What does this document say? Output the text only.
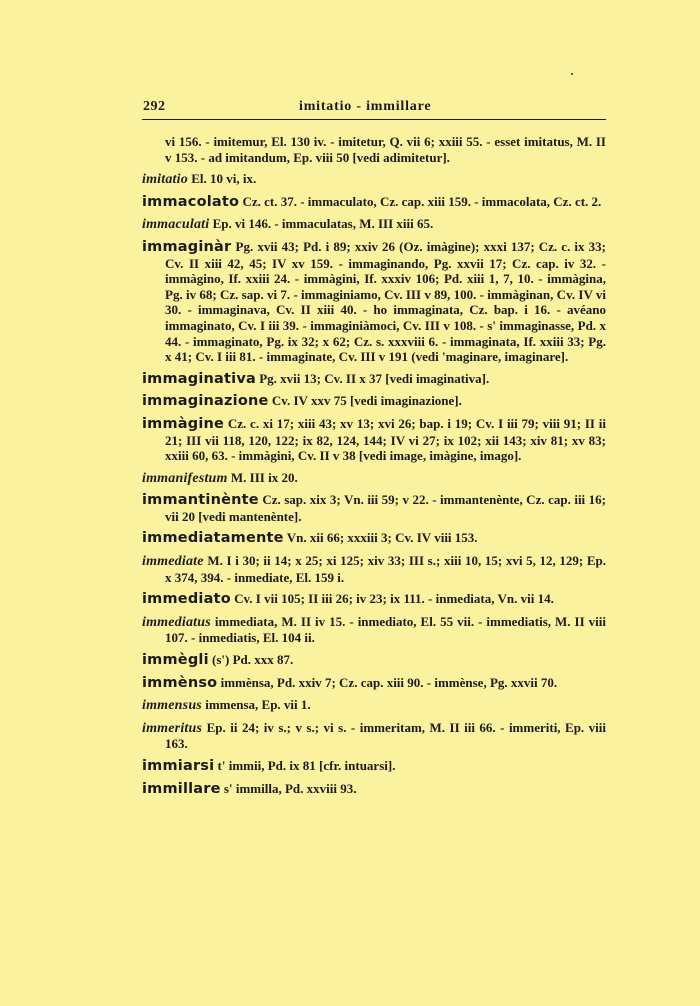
292	imitatio - immillare

vi 156. - imitemur, El. 130 iv. - imitetur, Q. vii 6; xxiii 55. - esset imitatus, M. II v 153. - ad imitandum, Ep. viii 50 [vedi adimitetur].

imitatio El. 10 vi, ix.

immacolato Cz. ct. 37. - immaculato, Cz. cap. xiii 159. - immacolata, Cz. ct. 2.

immaculati Ep. vi 146. - immaculatas, M. III xiii 65.

immaginàr Pg. xvii 43; Pd. i 89; xxiv 26 (Oz. imàgine); xxxi 137; Cz. c. ix 33; Cv. II xiii 42, 45; IV xv 159. - immaginando, Pg. xxvii 17; Cz. cap. iv 32. - immàgino, If. xxiii 24. - immàgini, If. xxxiv 106; Pd. xiii 1, 7, 10. - immàgina, Pg. iv 68; Cz. sap. vi 7. - immaginiamo, Cv. III v 89, 100. - immàginan, Cv. IV vi 30. - immaginava, Cv. II xiii 40. - ho immaginata, Cz. bap. i 16. - avéano immaginato, Cv. I iii 39. - immaginiàmoci, Cv. III v 108. - s' immaginasse, Pd. x 44. - immaginato, Pg. ix 32; x 62; Cz. s. xxxviii 6. - immaginata, If. xxiii 33; Pg. x 41; Cv. I iii 81. - immaginate, Cv. III v 191 (vedi 'maginare, imaginare].

immaginativa Pg. xvii 13; Cv. II x 37 [vedi imaginativa].

immaginazione Cv. IV xxv 75 [vedi imaginazione].

immàgine Cz. c. xi 17; xiii 43; xv 13; xvi 26; bap. i 19; Cv. I iii 79; viii 91; II ii 21; III vii 118, 120, 122; ix 82, 124, 144; IV vi 27; ix 102; xii 143; xiv 81; xv 83; xxiii 60, 63. - immàgini, Cv. II v 38 [vedi image, imàgine, imago].

immanifestum M. III ix 20.

immantinènte Cz. sap. xix 3; Vn. iii 59; v 22. - immantenènte, Cz. cap. iii 16; vii 20 [vedi mantenènte].

immediatamente Vn. xii 66; xxxiii 3; Cv. IV viii 153.

immediate M. I i 30; ii 14; x 25; xi 125; xiv 33; III s.; xiii 10, 15; xvi 5, 12, 129; Ep. x 374, 394. - inmediate, El. 159 i.

immediato Cv. I vii 105; II iii 26; iv 23; ix 111. - inmediata, Vn. vii 14.

immediatus immediata, M. II iv 15. - inmediato, El. 55 vii. - immediatis, M. II viii 107. - inmediatis, El. 104 ii.

immègli (s') Pd. xxx 87.

immènso immènsa, Pd. xxiv 7; Cz. cap. xiii 90. - immènse, Pg. xxvii 70.

immensus immensa, Ep. vii 1.

immeritus Ep. ii 24; iv s.; v s.; vi s. - immeritam, M. II iii 66. - immeriti, Ep. viii 163.

immiarsi t' immii, Pd. ix 81 [cfr. intuarsi].

immillare s' immilla, Pd. xxviii 93.
